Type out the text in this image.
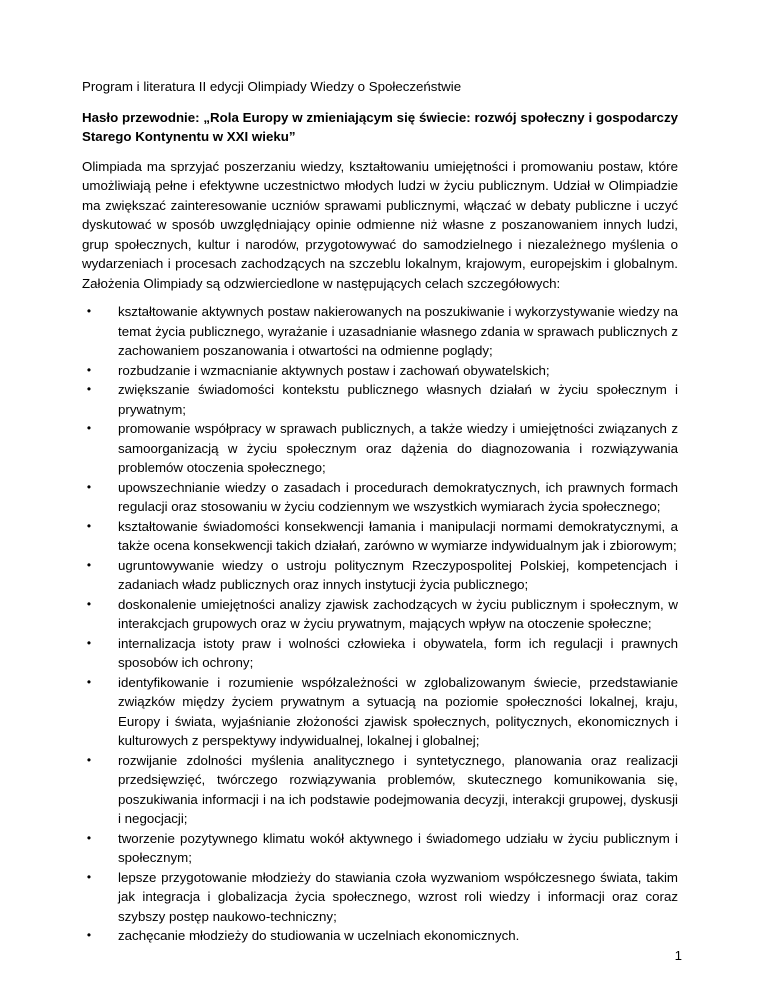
Program i literatura II edycji Olimpiady Wiedzy o Społeczeństwie

Hasło przewodnie: „Rola Europy w zmieniającym się świecie: rozwój społeczny i gospodarczy Starego Kontynentu w XXI wieku”

Olimpiada ma sprzyjać poszerzaniu wiedzy, kształtowaniu umiejętności i promowaniu postaw, które umożliwiają pełne i efektywne uczestnictwo młodych ludzi w życiu publicznym. Udział w Olimpiadzie ma zwiększać zainteresowanie uczniów sprawami publicznymi, włączać w debaty publiczne i uczyć dyskutować w sposób uwzględniający opinie odmienne niż własne z poszanowaniem innych ludzi, grup społecznych, kultur i narodów, przygotowywać do samodzielnego i niezależnego myślenia o wydarzeniach i procesach zachodzących na szczeblu lokalnym, krajowym, europejskim i globalnym. Założenia Olimpiady są odzwierciedlone w następujących celach szczegółowych:

•	kształtowanie aktywnych postaw nakierowanych na poszukiwanie i wykorzystywanie wiedzy na temat życia publicznego, wyrażanie i uzasadnianie własnego zdania w sprawach publicznych z zachowaniem poszanowania i otwartości na odmienne poglądy;
•	rozbudzanie i wzmacnianie aktywnych postaw i zachowań obywatelskich;
•	zwiększanie świadomości kontekstu publicznego własnych działań w życiu społecznym i prywatnym;
•	promowanie współpracy w sprawach publicznych, a także wiedzy i umiejętności związanych z samoorganizacją w życiu społecznym oraz dążenia do diagnozowania i rozwiązywania problemów otoczenia społecznego;
•	upowszechnianie wiedzy o zasadach i procedurach demokratycznych, ich prawnych formach regulacji oraz stosowaniu w życiu codziennym we wszystkich wymiarach życia społecznego;
•	kształtowanie świadomości konsekwencji łamania i manipulacji normami demokratycznymi, a także ocena konsekwencji takich działań, zarówno w wymiarze indywidualnym jak i zbiorowym;
•	ugruntowywanie wiedzy o ustroju politycznym Rzeczypospolitej Polskiej, kompetencjach i zadaniach władz publicznych oraz innych instytucji życia publicznego;
•	doskonalenie umiejętności analizy zjawisk zachodzących w życiu publicznym i społecznym, w interakcjach grupowych oraz w życiu prywatnym, mających wpływ na otoczenie społeczne;
•	internalizacja istoty praw i wolności człowieka i obywatela, form ich regulacji i prawnych sposobów ich ochrony;
•	identyfikowanie i rozumienie współzależności w zglobalizowanym świecie, przedstawianie związków między życiem prywatnym a sytuacją na poziomie społeczności lokalnej, kraju, Europy i świata, wyjaśnianie złożoności zjawisk społecznych, politycznych, ekonomicznych i kulturowych z perspektywy indywidualnej, lokalnej i globalnej;
•	rozwijanie zdolności myślenia analitycznego i syntetycznego, planowania oraz realizacji przedsięwzięć, twórczego rozwiązywania problemów, skutecznego komunikowania się, poszukiwania informacji i na ich podstawie podejmowania decyzji, interakcji grupowej, dyskusji i negocjacji;
•	tworzenie pozytywnego klimatu wokół aktywnego i świadomego udziału w życiu publicznym i społecznym;
•	lepsze przygotowanie młodzieży do stawiania czoła wyzwaniom współczesnego świata, takim jak integracja i globalizacja życia społecznego, wzrost roli wiedzy i informacji oraz coraz szybszy postęp naukowo-techniczny;
•	zachęcanie młodzieży do studiowania w uczelniach ekonomicznych.
1
